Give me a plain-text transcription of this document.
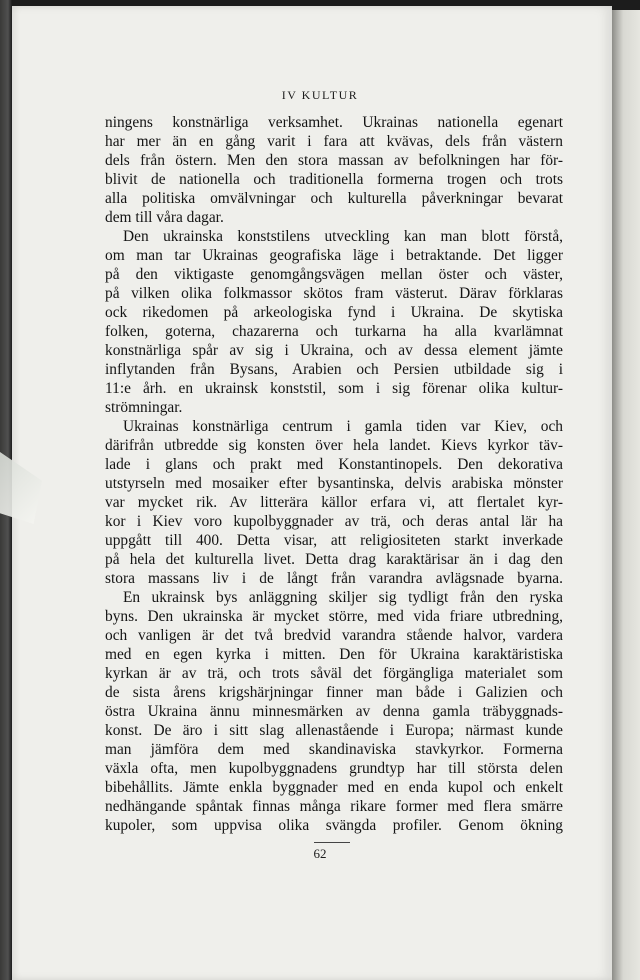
IV KULTUR

ningens konstnärliga verksamhet. Ukrainas nationella egenart

har mer än en gång varit i fara att kvävas, dels från västern

dels från östern. Men den stora massan av befolkningen har för-

blivit de nationella och traditionella formerna trogen och trots

alla politiska omvälvningar och kulturella påverkningar bevarat

dem till våra dagar.

Den ukrainska konststilens utveckling kan man blott förstå,

om man tar Ukrainas geografiska läge i betraktande. Det ligger

på den viktigaste genomgångsvägen mellan öster och väster,

på vilken olika folkmassor skötos fram västerut. Därav förklaras

ock rikedomen på arkeologiska fynd i Ukraina. De skytiska

folken, goterna, chazarerna och turkarna ha alla kvarlämnat

konstnärliga spår av sig i Ukraina, och av dessa element jämte

inflytanden från Bysans, Arabien och Persien utbildade sig i

11:e årh. en ukrainsk konststil, som i sig förenar olika kultur-

strömningar.

Ukrainas konstnärliga centrum i gamla tiden var Kiev, och

därifrån utbredde sig konsten över hela landet. Kievs kyrkor täv-

lade i glans och prakt med Konstantinopels. Den dekorativa

utstyrseln med mosaiker efter bysantinska, delvis arabiska mönster

var mycket rik. Av litterära källor erfara vi, att flertalet kyr-

kor i Kiev voro kupolbyggnader av trä, och deras antal lär ha

uppgått till 400. Detta visar, att religiositeten starkt inverkade

på hela det kulturella livet. Detta drag karaktärisar än i dag den

stora massans liv i de långt från varandra avlägsnade byarna.

En ukrainsk bys anläggning skiljer sig tydligt från den ryska

byns. Den ukrainska är mycket större, med vida friare utbredning,

och vanligen är det två bredvid varandra stående halvor, vardera

med en egen kyrka i mitten. Den för Ukraina karaktäristiska

kyrkan är av trä, och trots såväl det förgängliga materialet som

de sista årens krigshärjningar finner man både i Galizien och

östra Ukraina ännu minnesmärken av denna gamla träbyggnads-

konst. De äro i sitt slag allenastående i Europa; närmast kunde

man jämföra dem med skandinaviska stavkyrkor. Formerna

växla ofta, men kupolbyggnadens grundtyp har till största delen

bibehållits. Jämte enkla byggnader med en enda kupol och enkelt

nedhängande spåntak finnas många rikare former med flera smärre

kupoler, som uppvisa olika svängda profiler. Genom ökning

62
